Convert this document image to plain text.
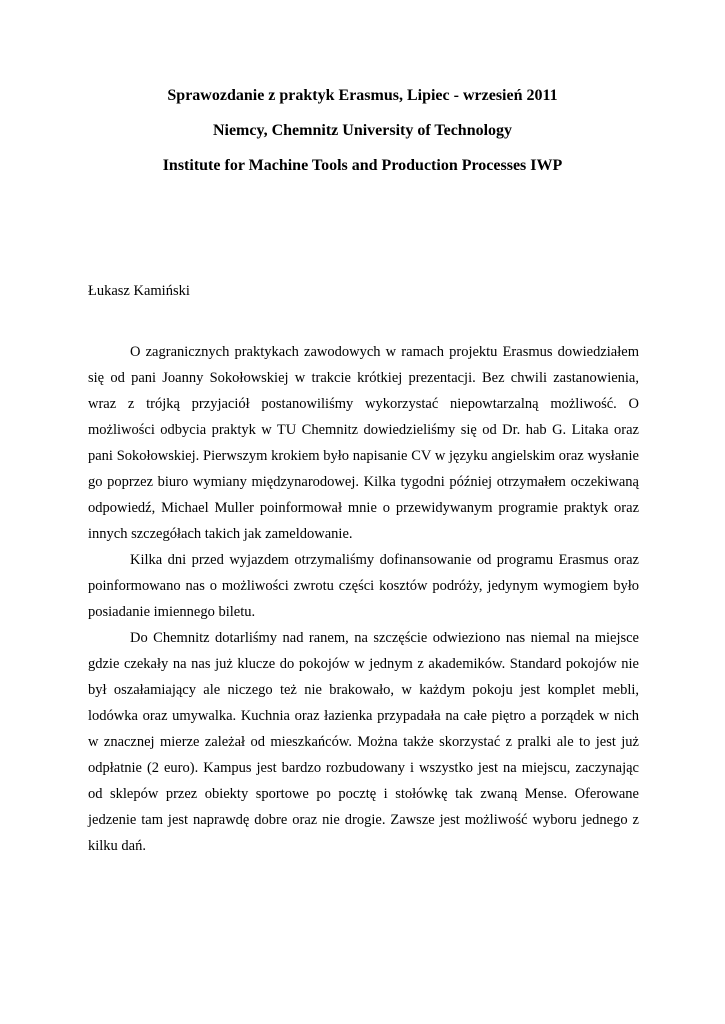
Sprawozdanie z praktyk Erasmus, Lipiec - wrzesień 2011
Niemcy, Chemnitz University of Technology
Institute for Machine Tools and Production Processes IWP
Łukasz Kamiński

O zagranicznych praktykach zawodowych w ramach projektu Erasmus dowiedziałem się od pani Joanny Sokołowskiej w trakcie krótkiej prezentacji. Bez chwili zastanowienia, wraz z trójką przyjaciół postanowiliśmy wykorzystać niepowtarzalną możliwość. O możliwości odbycia praktyk w TU Chemnitz dowiedzieliśmy się od Dr. hab G. Litaka oraz pani Sokołowskiej. Pierwszym krokiem było napisanie CV w języku angielskim oraz wysłanie go poprzez biuro wymiany międzynarodowej. Kilka tygodni później otrzymałem oczekiwaną odpowiedź, Michael Muller poinformował mnie o przewidywanym programie praktyk oraz innych szczegółach takich jak zameldowanie.

Kilka dni przed wyjazdem otrzymaliśmy dofinansowanie od programu Erasmus oraz poinformowano nas o możliwości zwrotu części kosztów podróży, jedynym wymogiem było posiadanie imiennego biletu.

Do Chemnitz dotarliśmy nad ranem, na szczęście odwieziono nas niemal na miejsce gdzie czekały na nas już klucze do pokojów w jednym z akademików. Standard pokojów nie był oszałamiający ale niczego też nie brakowało, w każdym pokoju jest komplet mebli, lodówka oraz umywalka. Kuchnia oraz łazienka przypadała na całe piętro a porządek w nich w znacznej mierze zależał od mieszkańców. Można także skorzystać z pralki ale to jest już odpłatnie (2 euro). Kampus jest bardzo rozbudowany i wszystko jest na miejscu, zaczynając od sklepów przez obiekty sportowe po pocztę i stołówkę tak zwaną Mense. Oferowane jedzenie tam jest naprawdę dobre oraz nie drogie. Zawsze jest możliwość wyboru jednego z kilku dań.
